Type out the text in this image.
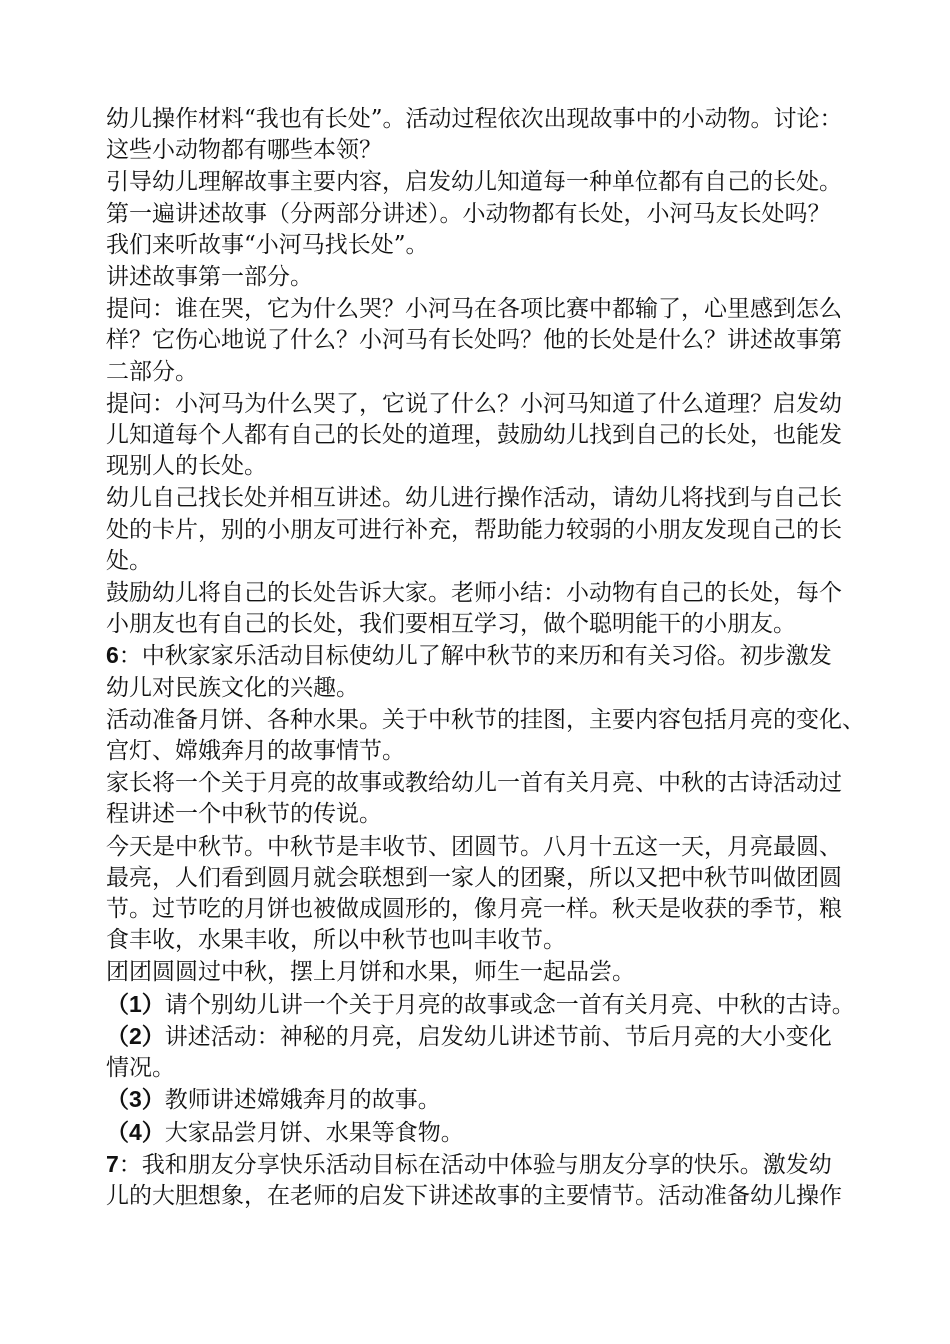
幼儿操作材料“我也有长处”。活动过程依次出现故事中的小动物。讨论：
这些小动物都有哪些本领？

引导幼儿理解故事主要内容，启发幼儿知道每一种单位都有自己的长处。
第一遍讲述故事（分两部分讲述）。小动物都有长处，小河马友长处吗？
我们来听故事“小河马找长处”。

讲述故事第一部分。

提问：谁在哭，它为什么哭？小河马在各项比赛中都输了，心里感到怎么
样？它伤心地说了什么？小河马有长处吗？他的长处是什么？讲述故事第
二部分。

提问：小河马为什么哭了，它说了什么？小河马知道了什么道理？启发幼
儿知道每个人都有自己的长处的道理，鼓励幼儿找到自己的长处，也能发
现别人的长处。

幼儿自己找长处并相互讲述。幼儿进行操作活动，请幼儿将找到与自己长
处的卡片，别的小朋友可进行补充，帮助能力较弱的小朋友发现自己的长
处。

鼓励幼儿将自己的长处告诉大家。老师小结：小动物有自己的长处，每个
小朋友也有自己的长处，我们要相互学习，做个聪明能干的小朋友。

6：中秋家家乐活动目标使幼儿了解中秋节的来历和有关习俗。初步激发
幼儿对民族文化的兴趣。

活动准备月饼、各种水果。关于中秋节的挂图，主要内容包括月亮的变化、
宫灯、嫦娥奔月的故事情节。

家长将一个关于月亮的故事或教给幼儿一首有关月亮、中秋的古诗活动过
程讲述一个中秋节的传说。

今天是中秋节。中秋节是丰收节、团圆节。八月十五这一天，月亮最圆、
最亮，人们看到圆月就会联想到一家人的团聚，所以又把中秋节叫做团圆
节。过节吃的月饼也被做成圆形的，像月亮一样。秋天是收获的季节，粮
食丰收，水果丰收，所以中秋节也叫丰收节。

团团圆圆过中秋，摆上月饼和水果，师生一起品尝。

（1）请个别幼儿讲一个关于月亮的故事或念一首有关月亮、中秋的古诗。

（2）讲述活动：神秘的月亮，启发幼儿讲述节前、节后月亮的大小变化
情况。

（3）教师讲述嫦娥奔月的故事。

（4）大家品尝月饼、水果等食物。

7：我和朋友分享快乐活动目标在活动中体验与朋友分享的快乐。激发幼
儿的大胆想象，在老师的启发下讲述故事的主要情节。活动准备幼儿操作
